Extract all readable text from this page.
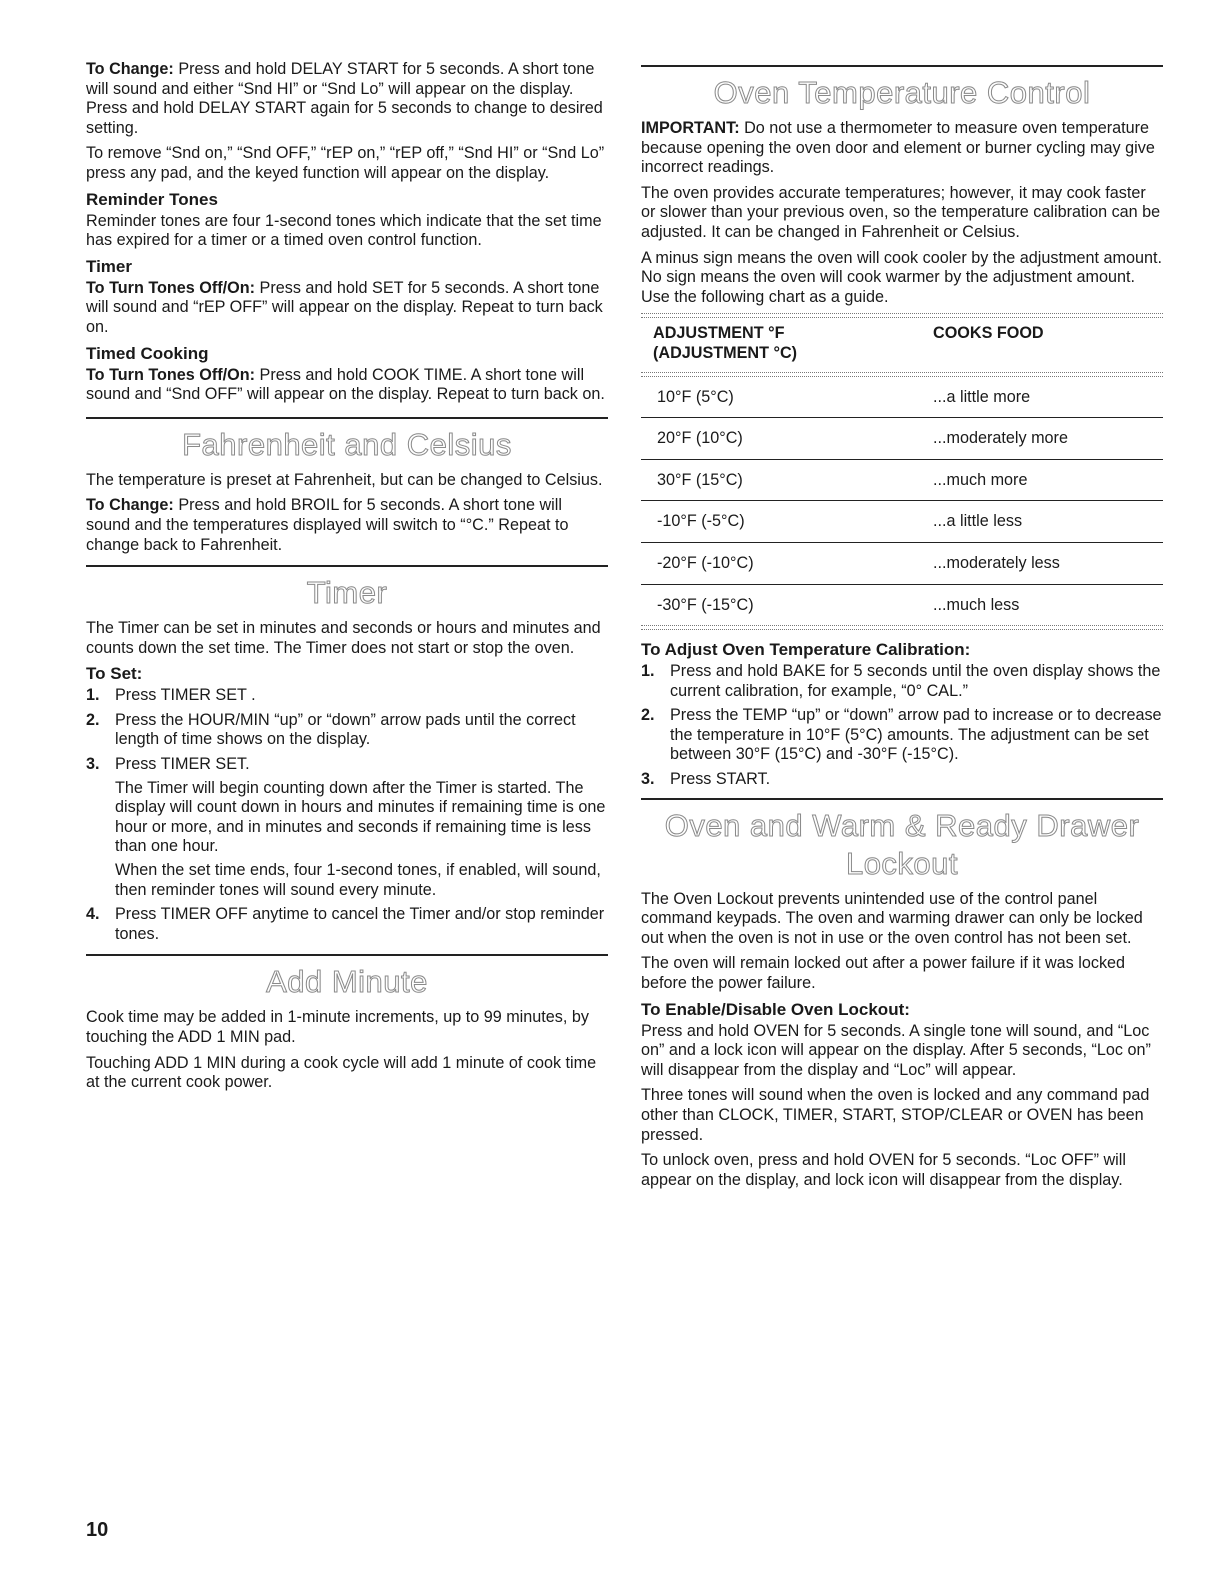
To Change: Press and hold DELAY START for 5 seconds. A short tone will sound and either “Snd HI” or “Snd Lo” will appear on the display. Press and hold DELAY START again for 5 seconds to change to desired setting.

To remove “Snd on,” “Snd OFF,” “rEP on,” “rEP off,” “Snd HI” or “Snd Lo” press any pad, and the keyed function will appear on the display.

Reminder Tones

Reminder tones are four 1-second tones which indicate that the set time has expired for a timer or a timed oven control function.

Timer

To Turn Tones Off/On: Press and hold SET for 5 seconds. A short tone will sound and “rEP OFF” will appear on the display. Repeat to turn back on.

Timed Cooking

To Turn Tones Off/On: Press and hold COOK TIME. A short tone will sound and “Snd OFF” will appear on the display. Repeat to turn back on.

Fahrenheit and Celsius

The temperature is preset at Fahrenheit, but can be changed to Celsius.

To Change: Press and hold BROIL for 5 seconds. A short tone will sound and the temperatures displayed will switch to “°C.” Repeat to change back to Fahrenheit.

Timer

The Timer can be set in minutes and seconds or hours and minutes and counts down the set time. The Timer does not start or stop the oven.

To Set:
1. Press TIMER SET .
2. Press the HOUR/MIN “up” or “down” arrow pads until the correct length of time shows on the display.
3. Press TIMER SET.

The Timer will begin counting down after the Timer is started. The display will count down in hours and minutes if remaining time is one hour or more, and in minutes and seconds if remaining time is less than one hour.

When the set time ends, four 1-second tones, if enabled, will sound, then reminder tones will sound every minute.

4. Press TIMER OFF anytime to cancel the Timer and/or stop reminder tones.
Add Minute

Cook time may be added in 1-minute increments, up to 99 minutes, by touching the ADD 1 MIN pad.

Touching ADD 1 MIN during a cook cycle will add 1 minute of cook time at the current cook power.

Oven Temperature Control

IMPORTANT: Do not use a thermometer to measure oven temperature because opening the oven door and element or burner cycling may give incorrect readings.

The oven provides accurate temperatures; however, it may cook faster or slower than your previous oven, so the temperature calibration can be adjusted. It can be changed in Fahrenheit or Celsius.

A minus sign means the oven will cook cooler by the adjustment amount. No sign means the oven will cook warmer by the adjustment amount. Use the following chart as a guide.

ADJUSTMENT °F
(ADJUSTMENT °C)	COOKS FOOD
10°F (5°C)	...a little more
20°F (10°C)	...moderately more
30°F (15°C)	...much more
-10°F (-5°C)	...a little less
-20°F (-10°C)	...moderately less
-30°F (-15°C)	...much less
To Adjust Oven Temperature Calibration:
1. Press and hold BAKE for 5 seconds until the oven display shows the current calibration, for example, “0° CAL.”
2. Press the TEMP “up” or “down” arrow pad to increase or to decrease the temperature in 10°F (5°C) amounts. The adjustment can be set between 30°F (15°C) and -30°F (-15°C).
3. Press START.
Oven and Warm & Ready Drawer
Lockout

The Oven Lockout prevents unintended use of the control panel command keypads. The oven and warming drawer can only be locked out when the oven is not in use or the oven control has not been set.

The oven will remain locked out after a power failure if it was locked before the power failure.

To Enable/Disable Oven Lockout:

Press and hold OVEN for 5 seconds. A single tone will sound, and “Loc on” and a lock icon will appear on the display. After 5 seconds, “Loc on” will disappear from the display and “Loc” will appear.

Three tones will sound when the oven is locked and any command pad other than CLOCK, TIMER, START, STOP/CLEAR or OVEN has been pressed.

To unlock oven, press and hold OVEN for 5 seconds. “Loc OFF” will appear on the display, and lock icon will disappear from the display.

10
